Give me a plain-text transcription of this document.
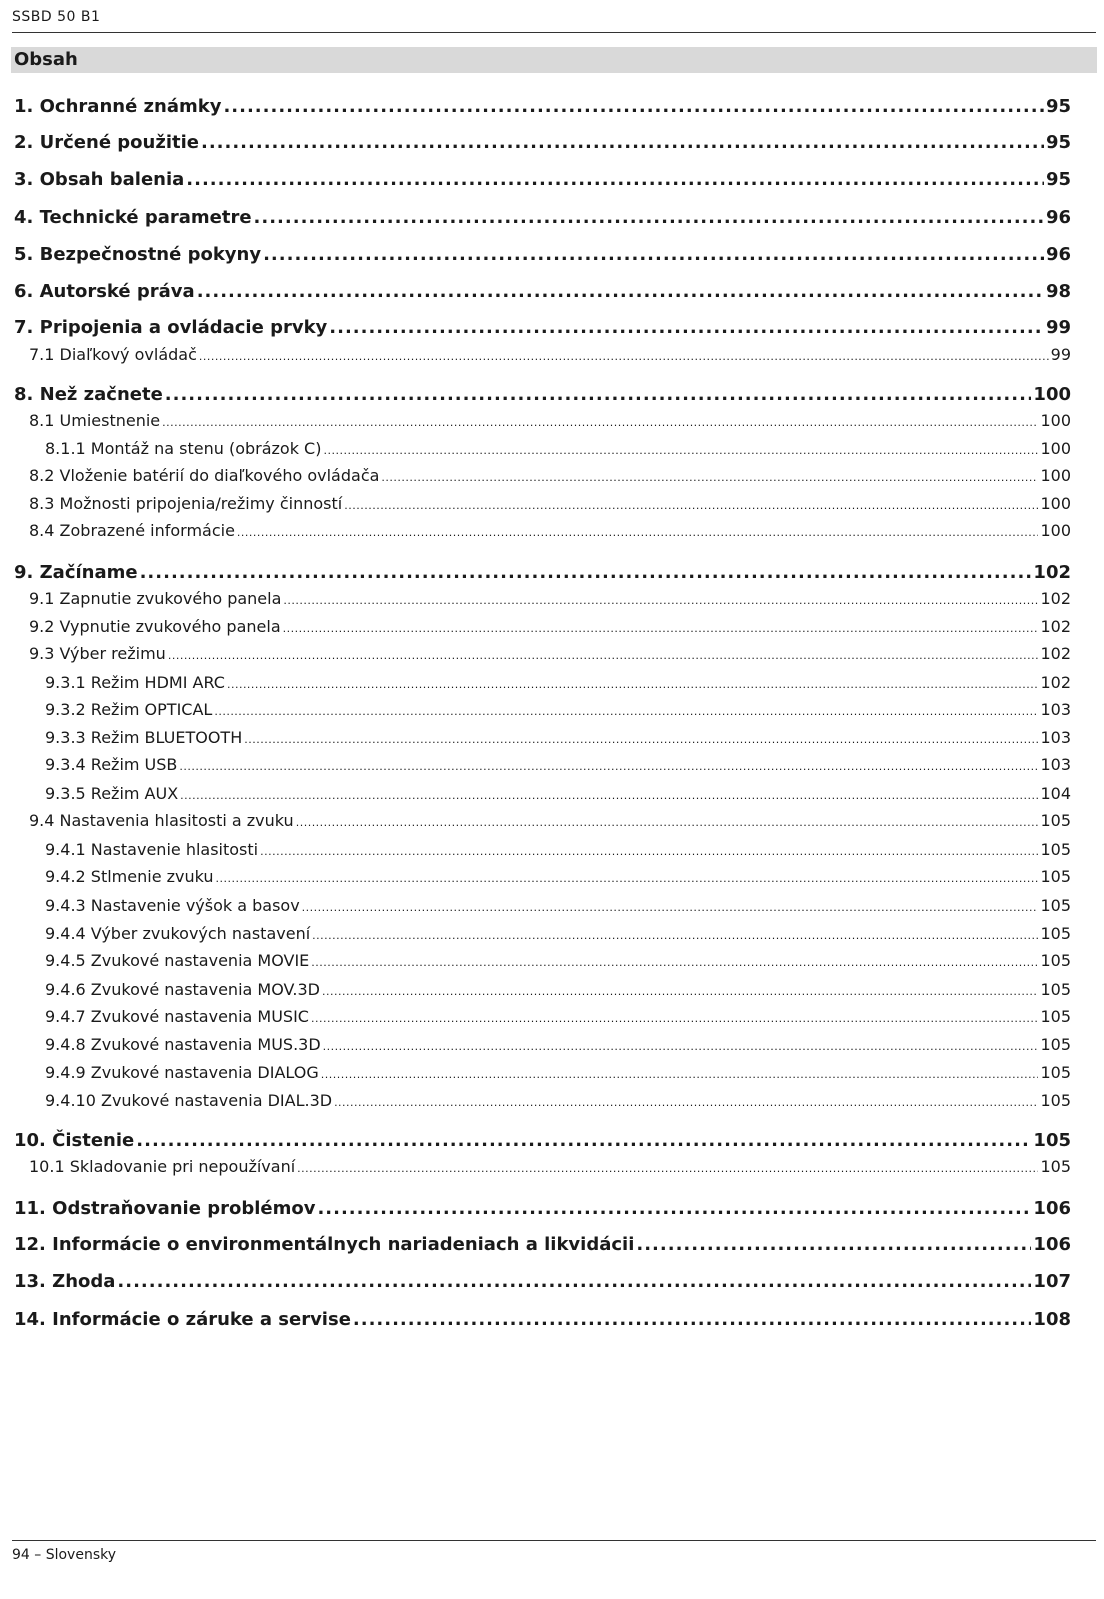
SSBD 50 B1
Obsah
1. Ochranné známky .....	95
2. Určené použitie .....	95
3. Obsah balenia .....	95
4. Technické parametre .....	96
5. Bezpečnostné pokyny .....	96
6. Autorské práva .....	98
7. Pripojenia a ovládacie prvky .....	99
7.1 Diaľkový ovládač .....	99
8. Než začnete .....	100
8.1 Umiestnenie .....	100
8.1.1 Montáž na stenu (obrázok C) .....	100
8.2 Vloženie batérií do diaľkového ovládača .....	100
8.3 Možnosti pripojenia/režimy činností .....	100
8.4 Zobrazené informácie .....	100
9. Začíname .....	102
9.1 Zapnutie zvukového panela .....	102
9.2 Vypnutie zvukového panela .....	102
9.3 Výber režimu .....	102
9.3.1 Režim HDMI ARC .....	102
9.3.2 Režim OPTICAL .....	103
9.3.3 Režim BLUETOOTH .....	103
9.3.4 Režim USB .....	103
9.3.5 Režim AUX .....	104
9.4 Nastavenia hlasitosti a zvuku .....	105
9.4.1 Nastavenie hlasitosti .....	105
9.4.2 Stlmenie zvuku .....	105
9.4.3 Nastavenie výšok a basov .....	105
9.4.4 Výber zvukových nastavení .....	105
9.4.5 Zvukové nastavenia MOVIE .....	105
9.4.6 Zvukové nastavenia MOV.3D .....	105
9.4.7 Zvukové nastavenia MUSIC .....	105
9.4.8 Zvukové nastavenia MUS.3D .....	105
9.4.9 Zvukové nastavenia DIALOG .....	105
9.4.10 Zvukové nastavenia DIAL.3D .....	105
10. Čistenie .....	105
10.1 Skladovanie pri nepoužívaní .....	105
11. Odstraňovanie problémov .....	106
12. Informácie o environmentálnych nariadeniach a likvidácii .....	106
13. Zhoda .....	107
14. Informácie o záruke a servise .....	108
94 – Slovensky
